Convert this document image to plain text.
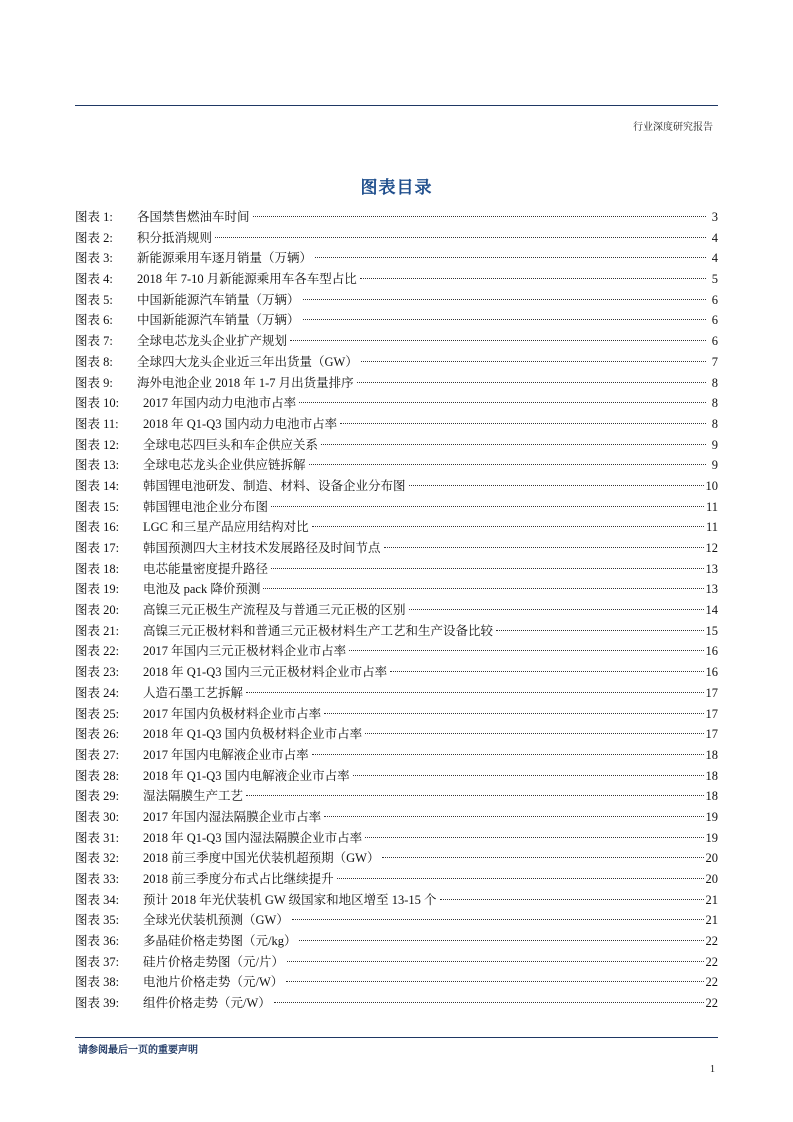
行业深度研究报告
图表目录
图表 1:	各国禁售燃油车时间	3
图表 2:	积分抵消规则	4
图表 3:	新能源乘用车逐月销量（万辆）	4
图表 4:	2018 年 7-10 月新能源乘用车各车型占比	5
图表 5:	中国新能源汽车销量（万辆）	6
图表 6:	中国新能源汽车销量（万辆）	6
图表 7:	全球电芯龙头企业扩产规划	6
图表 8:	全球四大龙头企业近三年出货量（GW）	7
图表 9:	海外电池企业 2018 年 1-7 月出货量排序	8
图表 10:	2017 年国内动力电池市占率	8
图表 11:	2018 年 Q1-Q3 国内动力电池市占率	8
图表 12:	全球电芯四巨头和车企供应关系	9
图表 13:	全球电芯龙头企业供应链拆解	9
图表 14:	韩国锂电池研发、制造、材料、设备企业分布图	10
图表 15:	韩国锂电池企业分布图	11
图表 16:	LGC 和三星产品应用结构对比	11
图表 17:	韩国预测四大主材技术发展路径及时间节点	12
图表 18:	电芯能量密度提升路径	13
图表 19:	电池及 pack 降价预测	13
图表 20:	高镍三元正极生产流程及与普通三元正极的区别	14
图表 21:	高镍三元正极材料和普通三元正极材料生产工艺和生产设备比较	15
图表 22:	2017 年国内三元正极材料企业市占率	16
图表 23:	2018 年 Q1-Q3 国内三元正极材料企业市占率	16
图表 24:	人造石墨工艺拆解	17
图表 25:	2017 年国内负极材料企业市占率	17
图表 26:	2018 年 Q1-Q3 国内负极材料企业市占率	17
图表 27:	2017 年国内电解液企业市占率	18
图表 28:	2018 年 Q1-Q3 国内电解液企业市占率	18
图表 29:	湿法隔膜生产工艺	18
图表 30:	2017 年国内湿法隔膜企业市占率	19
图表 31:	2018 年 Q1-Q3 国内湿法隔膜企业市占率	19
图表 32:	2018 前三季度中国光伏装机超预期（GW）	20
图表 33:	2018 前三季度分布式占比继续提升	20
图表 34:	预计 2018 年光伏装机 GW 级国家和地区增至 13-15 个	21
图表 35:	全球光伏装机预测（GW）	21
图表 36:	多晶硅价格走势图（元/kg）	22
图表 37:	硅片价格走势图（元/片）	22
图表 38:	电池片价格走势（元/W）	22
图表 39:	组件价格走势（元/W）	22
请参阅最后一页的重要声明
1
